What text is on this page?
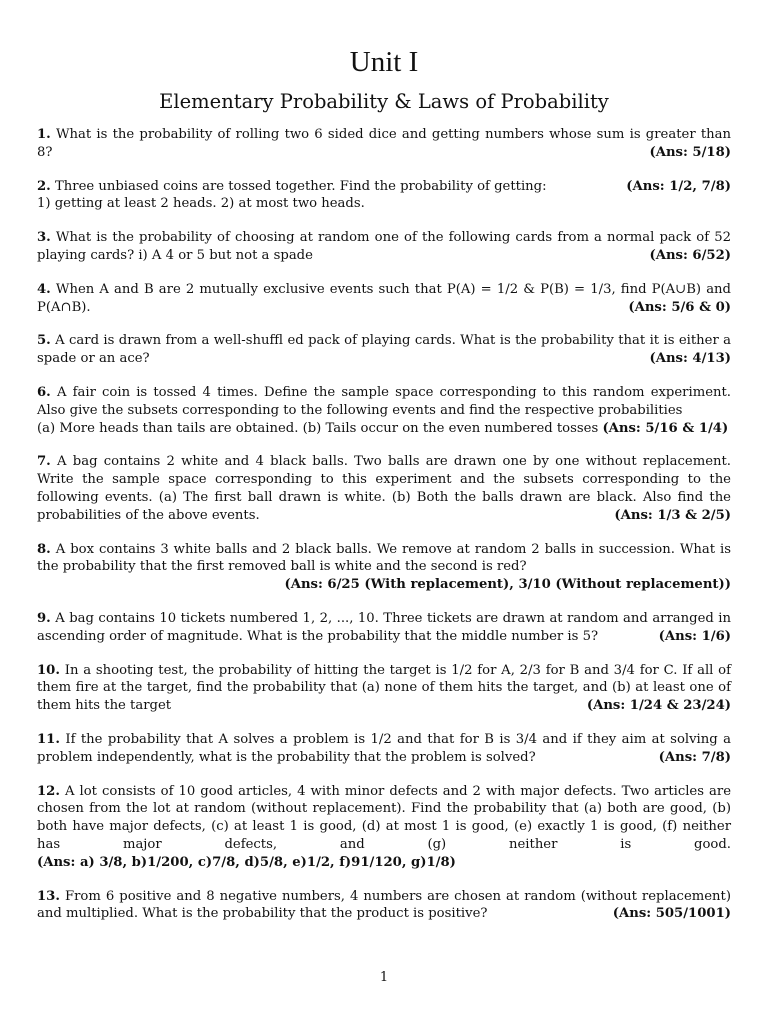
Unit I
Elementary Probability & Laws of Probability

1. What is the probability of rolling two 6 sided dice and getting numbers whose sum is greater than 8?	(Ans: 5/18)

(Ans: 1/2, 7/8)
2. Three unbiased coins are tossed together. Find the probability of getting:
1) getting at least 2 heads. 2) at most two heads.

3. What is the probability of choosing at random one of the following cards from a normal pack of 52 playing cards? i) A 4 or 5 but not a spade	(Ans: 6/52)

4. When A and B are 2 mutually exclusive events such that P(A) = 1/2 & P(B) = 1/3, find P(A∪B) and P(A∩B).	(Ans: 5/6 & 0)

5. A card is drawn from a well-shuffl ed pack of playing cards. What is the probability that it is either a spade or an ace?	(Ans: 4/13)

6. A fair coin is tossed 4 times. Define the sample space corresponding to this random experiment. Also give the subsets corresponding to the following events and find the respective probabilities
(a) More heads than tails are obtained. (b) Tails occur on the even numbered tosses (Ans: 5/16 & 1/4)

7. A bag contains 2 white and 4 black balls. Two balls are drawn one by one without replacement. Write the sample space corresponding to this experiment and the subsets corresponding to the following events. (a) The first ball drawn is white. (b) Both the balls drawn are black. Also find the probabilities of the above events.	(Ans: 1/3 & 2/5)

8. A box contains 3 white balls and 2 black balls. We remove at random 2 balls in succession. What is the probability that the first removed ball is white and the second is red?
(Ans: 6/25 (With replacement), 3/10 (Without replacement))

9. A bag contains 10 tickets numbered 1, 2, ..., 10. Three tickets are drawn at random and arranged in ascending order of magnitude. What is the probability that the middle number is 5?	(Ans: 1/6)

10. In a shooting test, the probability of hitting the target is 1/2 for A, 2/3 for B and 3/4 for C. If all of them fire at the target, find the probability that (a) none of them hits the target, and (b) at least one of them hits the target	(Ans: 1/24 & 23/24)

11. If the probability that A solves a problem is 1/2 and that for B is 3/4 and if they aim at solving a problem independently, what is the probability that the problem is solved?	(Ans: 7/8)

12. A lot consists of 10 good articles, 4 with minor defects and 2 with major defects. Two articles are chosen from the lot at random (without replacement). Find the probability that (a) both are good, (b) both have major defects, (c) at least 1 is good, (d) at most 1 is good, (e) exactly 1 is good, (f) neither has major defects, and (g) neither is good. (Ans: a) 3/8, b)1/200, c)7/8, d)5/8, e)1/2, f)91/120, g)1/8)

13. From 6 positive and 8 negative numbers, 4 numbers are chosen at random (without replacement) and multiplied. What is the probability that the product is positive?	(Ans: 505/1001)

1
